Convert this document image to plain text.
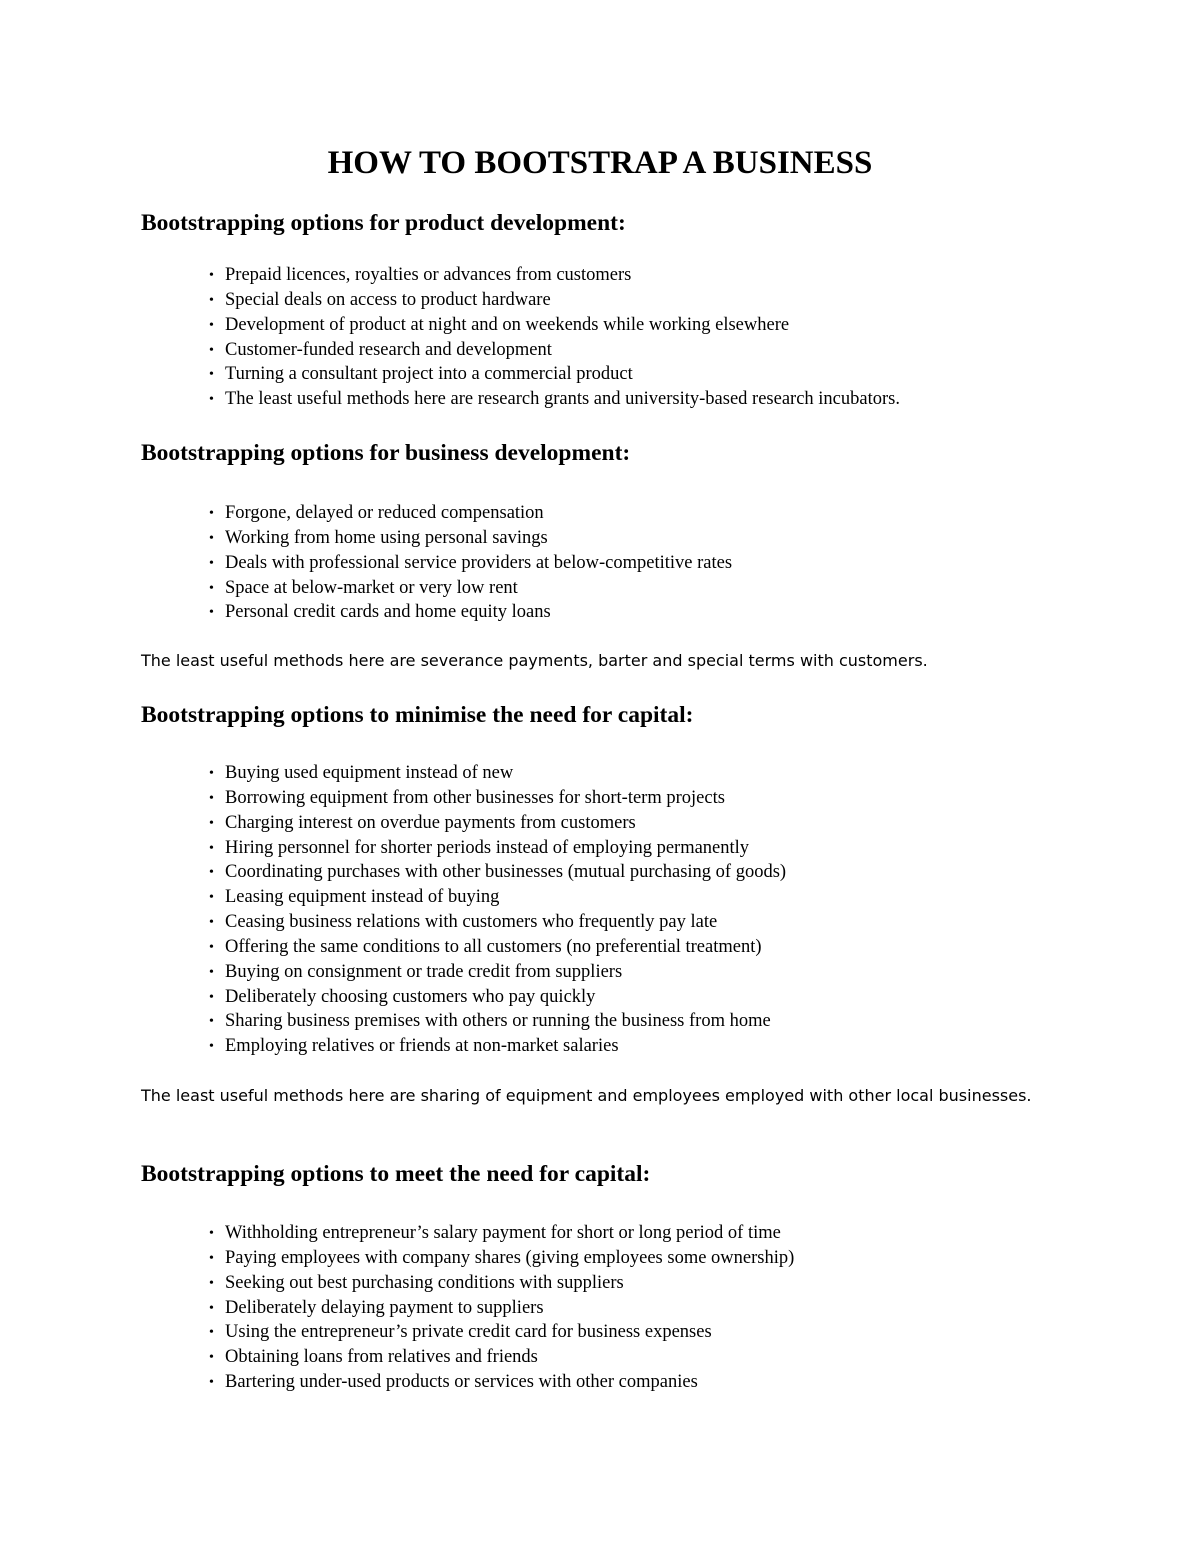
HOW TO BOOTSTRAP A BUSINESS
Bootstrapping options for product development:
• Prepaid licences, royalties or advances from customers
• Special deals on access to product hardware
• Development of product at night and on weekends while working elsewhere
• Customer-funded research and development
• Turning a consultant project into a commercial product
• The least useful methods here are research grants and university-based research incubators.
Bootstrapping options for business development:
• Forgone, delayed or reduced compensation
• Working from home using personal savings
• Deals with professional service providers at below-competitive rates
• Space at below-market or very low rent
• Personal credit cards and home equity loans

The least useful methods here are severance payments, barter and special terms with customers.

Bootstrapping options to minimise the need for capital:
• Buying used equipment instead of new
• Borrowing equipment from other businesses for short-term projects
• Charging interest on overdue payments from customers
• Hiring personnel for shorter periods instead of employing permanently
• Coordinating purchases with other businesses (mutual purchasing of goods)
• Leasing equipment instead of buying
• Ceasing business relations with customers who frequently pay late
• Offering the same conditions to all customers (no preferential treatment)
• Buying on consignment or trade credit from suppliers
• Deliberately choosing customers who pay quickly
• Sharing business premises with others or running the business from home
• Employing relatives or friends at non-market salaries

The least useful methods here are sharing of equipment and employees employed with other local businesses.

Bootstrapping options to meet the need for capital:
• Withholding entrepreneur’s salary payment for short or long period of time
• Paying employees with company shares (giving employees some ownership)
• Seeking out best purchasing conditions with suppliers
• Deliberately delaying payment to suppliers
• Using the entrepreneur’s private credit card for business expenses
• Obtaining loans from relatives and friends
• Bartering under-used products or services with other companies
